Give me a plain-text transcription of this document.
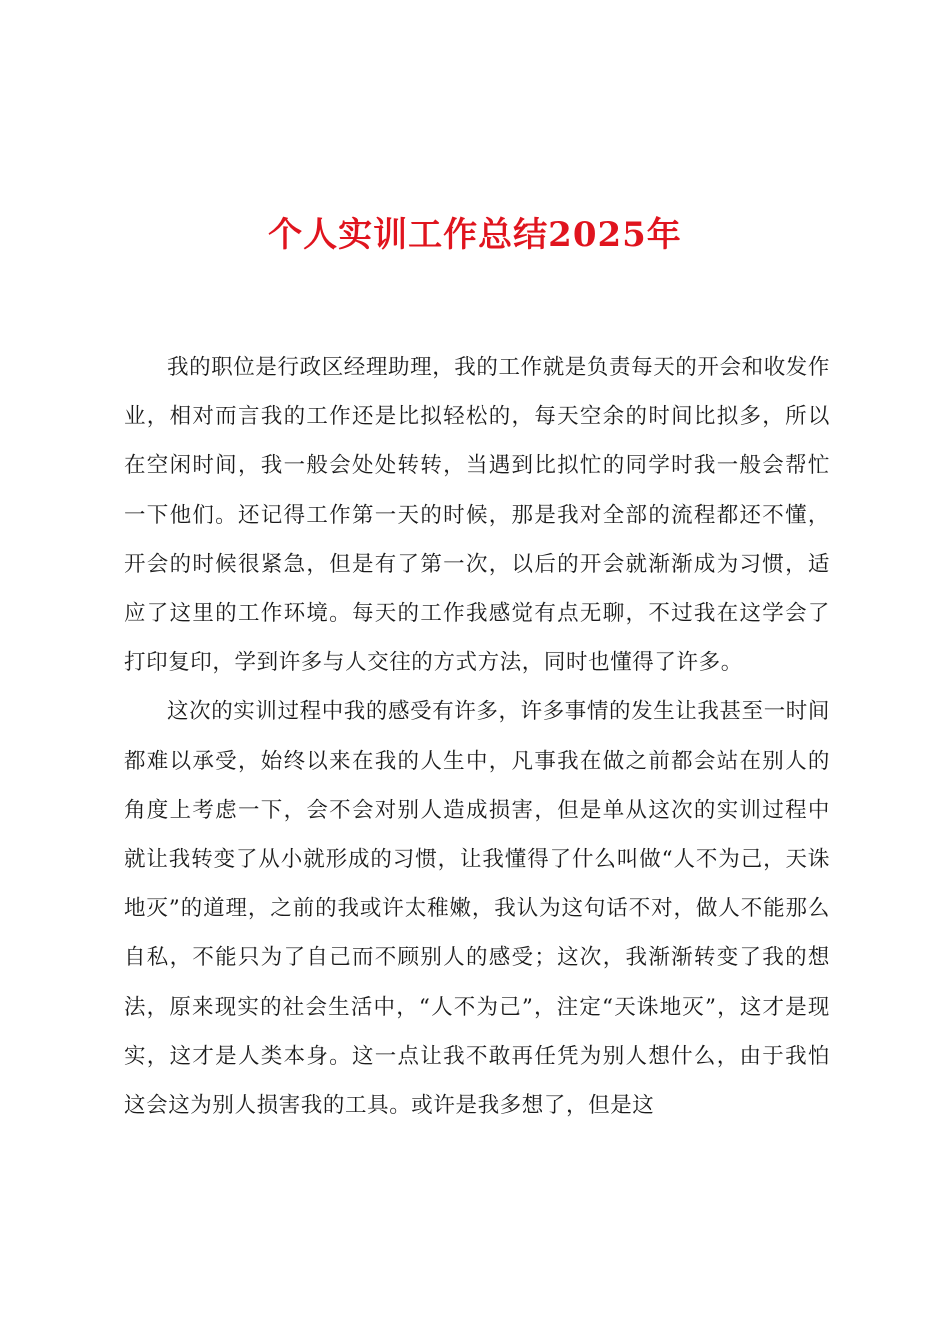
个人实训工作总结2025年

我的职位是行政区经理助理，我的工作就是负责每天的开会和收发作业，相对而言我的工作还是比拟轻松的，每天空余的时间比拟多，所以在空闲时间，我一般会处处转转，当遇到比拟忙的同学时我一般会帮忙一下他们。还记得工作第一天的时候，那是我对全部的流程都还不懂，开会的时候很紧急，但是有了第一次，以后的开会就渐渐成为习惯，适应了这里的工作环境。每天的工作我感觉有点无聊，不过我在这学会了打印复印，学到许多与人交往的方式方法，同时也懂得了许多。

这次的实训过程中我的感受有许多，许多事情的发生让我甚至一时间都难以承受，始终以来在我的人生中，凡事我在做之前都会站在别人的角度上考虑一下，会不会对别人造成损害，但是单从这次的实训过程中就让我转变了从小就形成的习惯，让我懂得了什么叫做“人不为己，天诛地灭”的道理，之前的我或许太稚嫩，我认为这句话不对，做人不能那么自私，不能只为了自己而不顾别人的感受；这次，我渐渐转变了我的想法，原来现实的社会生活中，“人不为己”，注定“天诛地灭”，这才是现实，这才是人类本身。这一点让我不敢再任凭为别人想什么，由于我怕这会这为别人损害我的工具。或许是我多想了，但是这
